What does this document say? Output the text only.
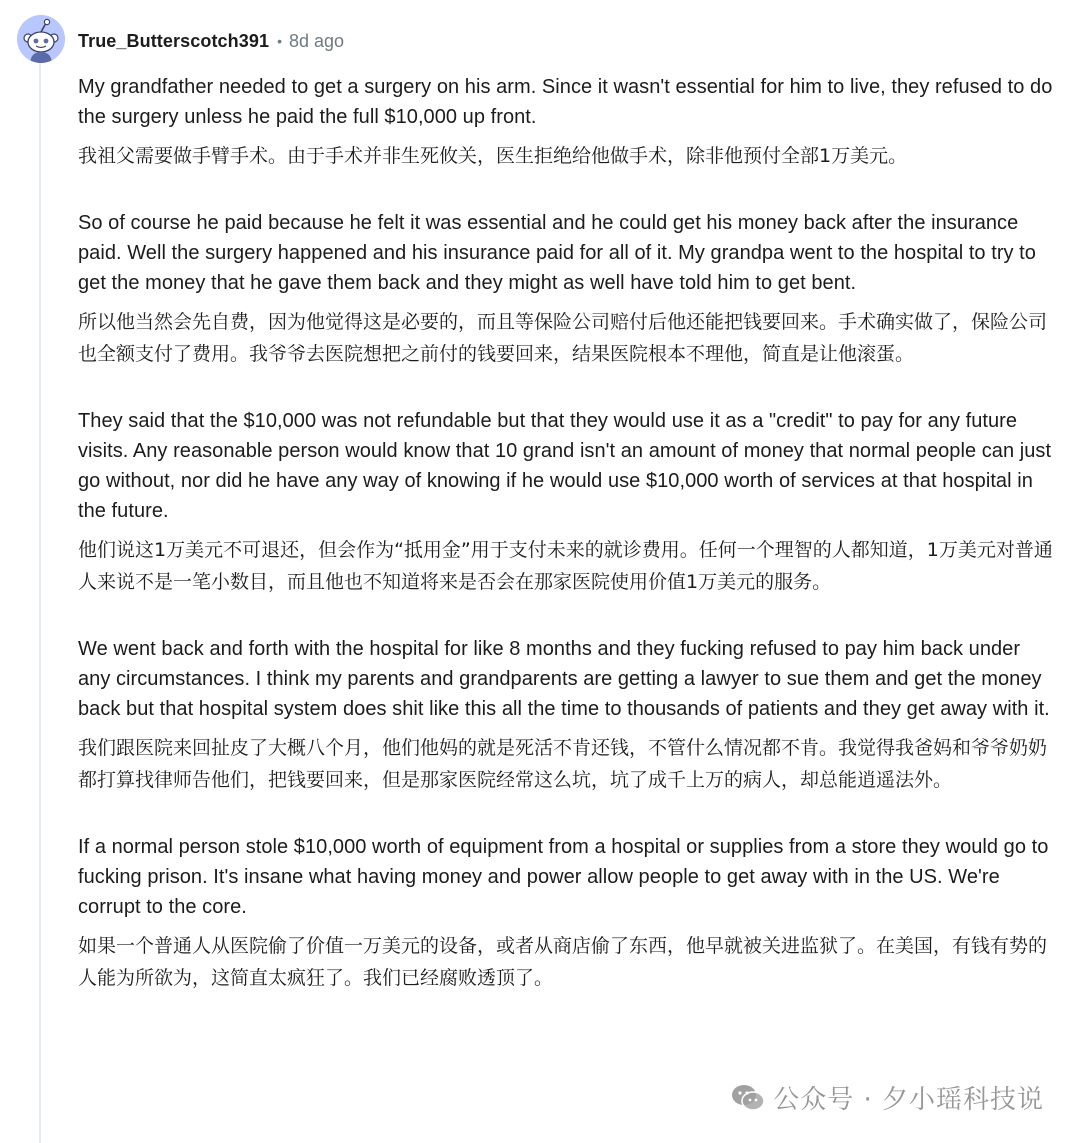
True_Butterscotch391 • 8d ago

My grandfather needed to get a surgery on his arm. Since it wasn't essential for him to live, they refused to do the surgery unless he paid the full $10,000 up front.

我祖父需要做手臂手术。由于手术并非生死攸关，医生拒绝给他做手术，除非他预付全部1万美元。

So of course he paid because he felt it was essential and he could get his money back after the insurance paid. Well the surgery happened and his insurance paid for all of it. My grandpa went to the hospital to try to get the money that he gave them back and they might as well have told him to get bent.

所以他当然会先自费，因为他觉得这是必要的，而且等保险公司赔付后他还能把钱要回来。手术确实做了，保险公司也全额支付了费用。我爷爷去医院想把之前付的钱要回来，结果医院根本不理他，简直是让他滚蛋。

They said that the $10,000 was not refundable but that they would use it as a "credit" to pay for any future visits. Any reasonable person would know that 10 grand isn't an amount of money that normal people can just go without, nor did he have any way of knowing if he would use $10,000 worth of services at that hospital in the future.

他们说这1万美元不可退还，但会作为“抵用金”用于支付未来的就诊费用。任何一个理智的人都知道，1万美元对普通人来说不是一笔小数目，而且他也不知道将来是否会在那家医院使用价值1万美元的服务。

We went back and forth with the hospital for like 8 months and they fucking refused to pay him back under any circumstances. I think my parents and grandparents are getting a lawyer to sue them and get the money back but that hospital system does shit like this all the time to thousands of patients and they get away with it.

我们跟医院来回扯皮了大概八个月，他们他妈的就是死活不肯还钱，不管什么情况都不肯。我觉得我爸妈和爷爷奶奶都打算找律师告他们，把钱要回来，但是那家医院经常这么坑，坑了成千上万的病人，却总能逍遥法外。

If a normal person stole $10,000 worth of equipment from a hospital or supplies from a store they would go to fucking prison. It's insane what having money and power allow people to get away with in the US. We're corrupt to the core.

如果一个普通人从医院偷了价值一万美元的设备，或者从商店偷了东西，他早就被关进监狱了。在美国，有钱有势的人能为所欲为，这简直太疯狂了。我们已经腐败透顶了。

公众号 · 夕小瑶科技说
